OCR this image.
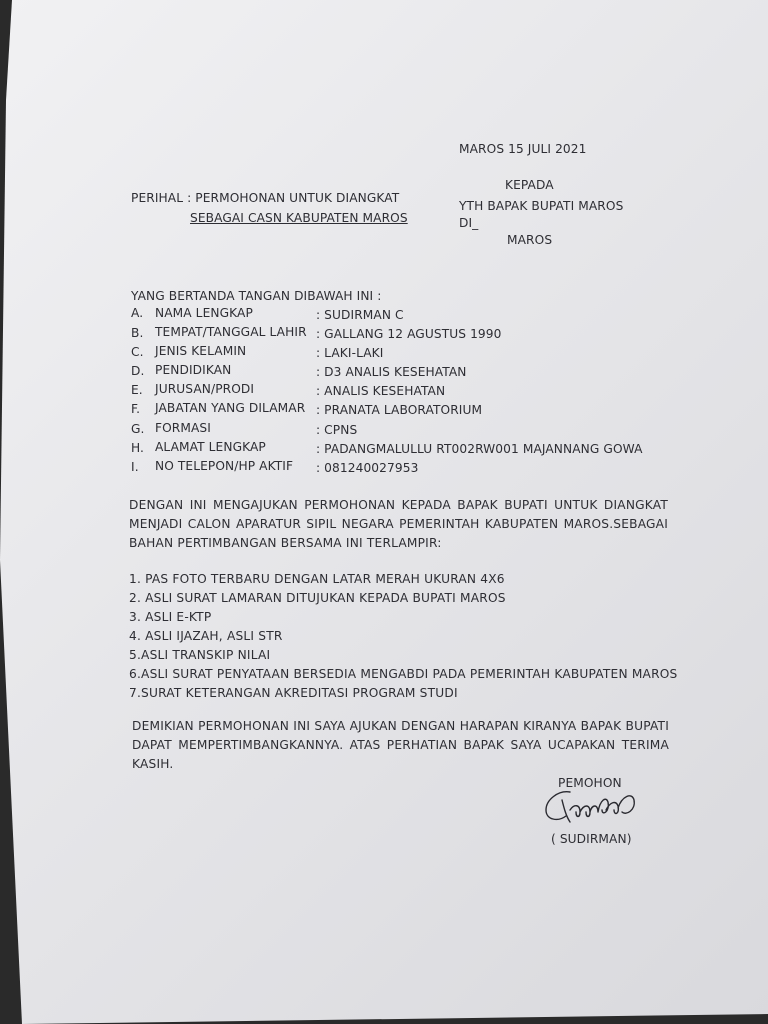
MAROS 15 JULI 2021
KEPADA
YTH BAPAK BUPATI MAROS
DI_
MAROS
PERIHAL : PERMOHONAN UNTUK DIANGKAT
SEBAGAI CASN KABUPATEN MAROS
YANG BERTANDA TANGAN DIBAWAH INI :
A. NAMA LENGKAP	: SUDIRMAN C
B. TEMPAT/TANGGAL LAHIR : GALLANG 12 AGUSTUS 1990
C. JENIS KELAMIN	: LAKI-LAKI
D. PENDIDIKAN	: D3 ANALIS KESEHATAN
E. JURUSAN/PRODI	: ANALIS KESEHATAN
F. JABATAN YANG DILAMAR : PRANATA LABORATORIUM
G. FORMASI	: CPNS
H. ALAMAT LENGKAP	: PADANGMALULLU RT002RW001 MAJANNANG GOWA
I. NO TELEPON/HP AKTIF : 081240027953
DENGAN INI MENGAJUKAN PERMOHONAN KEPADA BAPAK BUPATI UNTUK DIANGKAT
MENJADI CALON APARATUR SIPIL NEGARA PEMERINTAH KABUPATEN MAROS.SEBAGAI
BAHAN PERTIMBANGAN BERSAMA INI TERLAMPIR:
1. PAS FOTO TERBARU DENGAN LATAR MERAH UKURAN 4X6
2. ASLI SURAT LAMARAN DITUJUKAN KEPADA BUPATI MAROS
3. ASLI E-KTP
4. ASLI IJAZAH, ASLI STR
5.ASLI TRANSKIP NILAI
6.ASLI SURAT PENYATAAN BERSEDIA MENGABDI PADA PEMERINTAH KABUPATEN MAROS
7.SURAT KETERANGAN AKREDITASI PROGRAM STUDI
DEMIKIAN PERMOHONAN INI SAYA AJUKAN DENGAN HARAPAN KIRANYA BAPAK BUPATI
DAPAT MEMPERTIMBANGKANNYA. ATAS PERHATIAN BAPAK SAYA UCAPAKAN TERIMA
KASIH.
PEMOHON
( SUDIRMAN)
